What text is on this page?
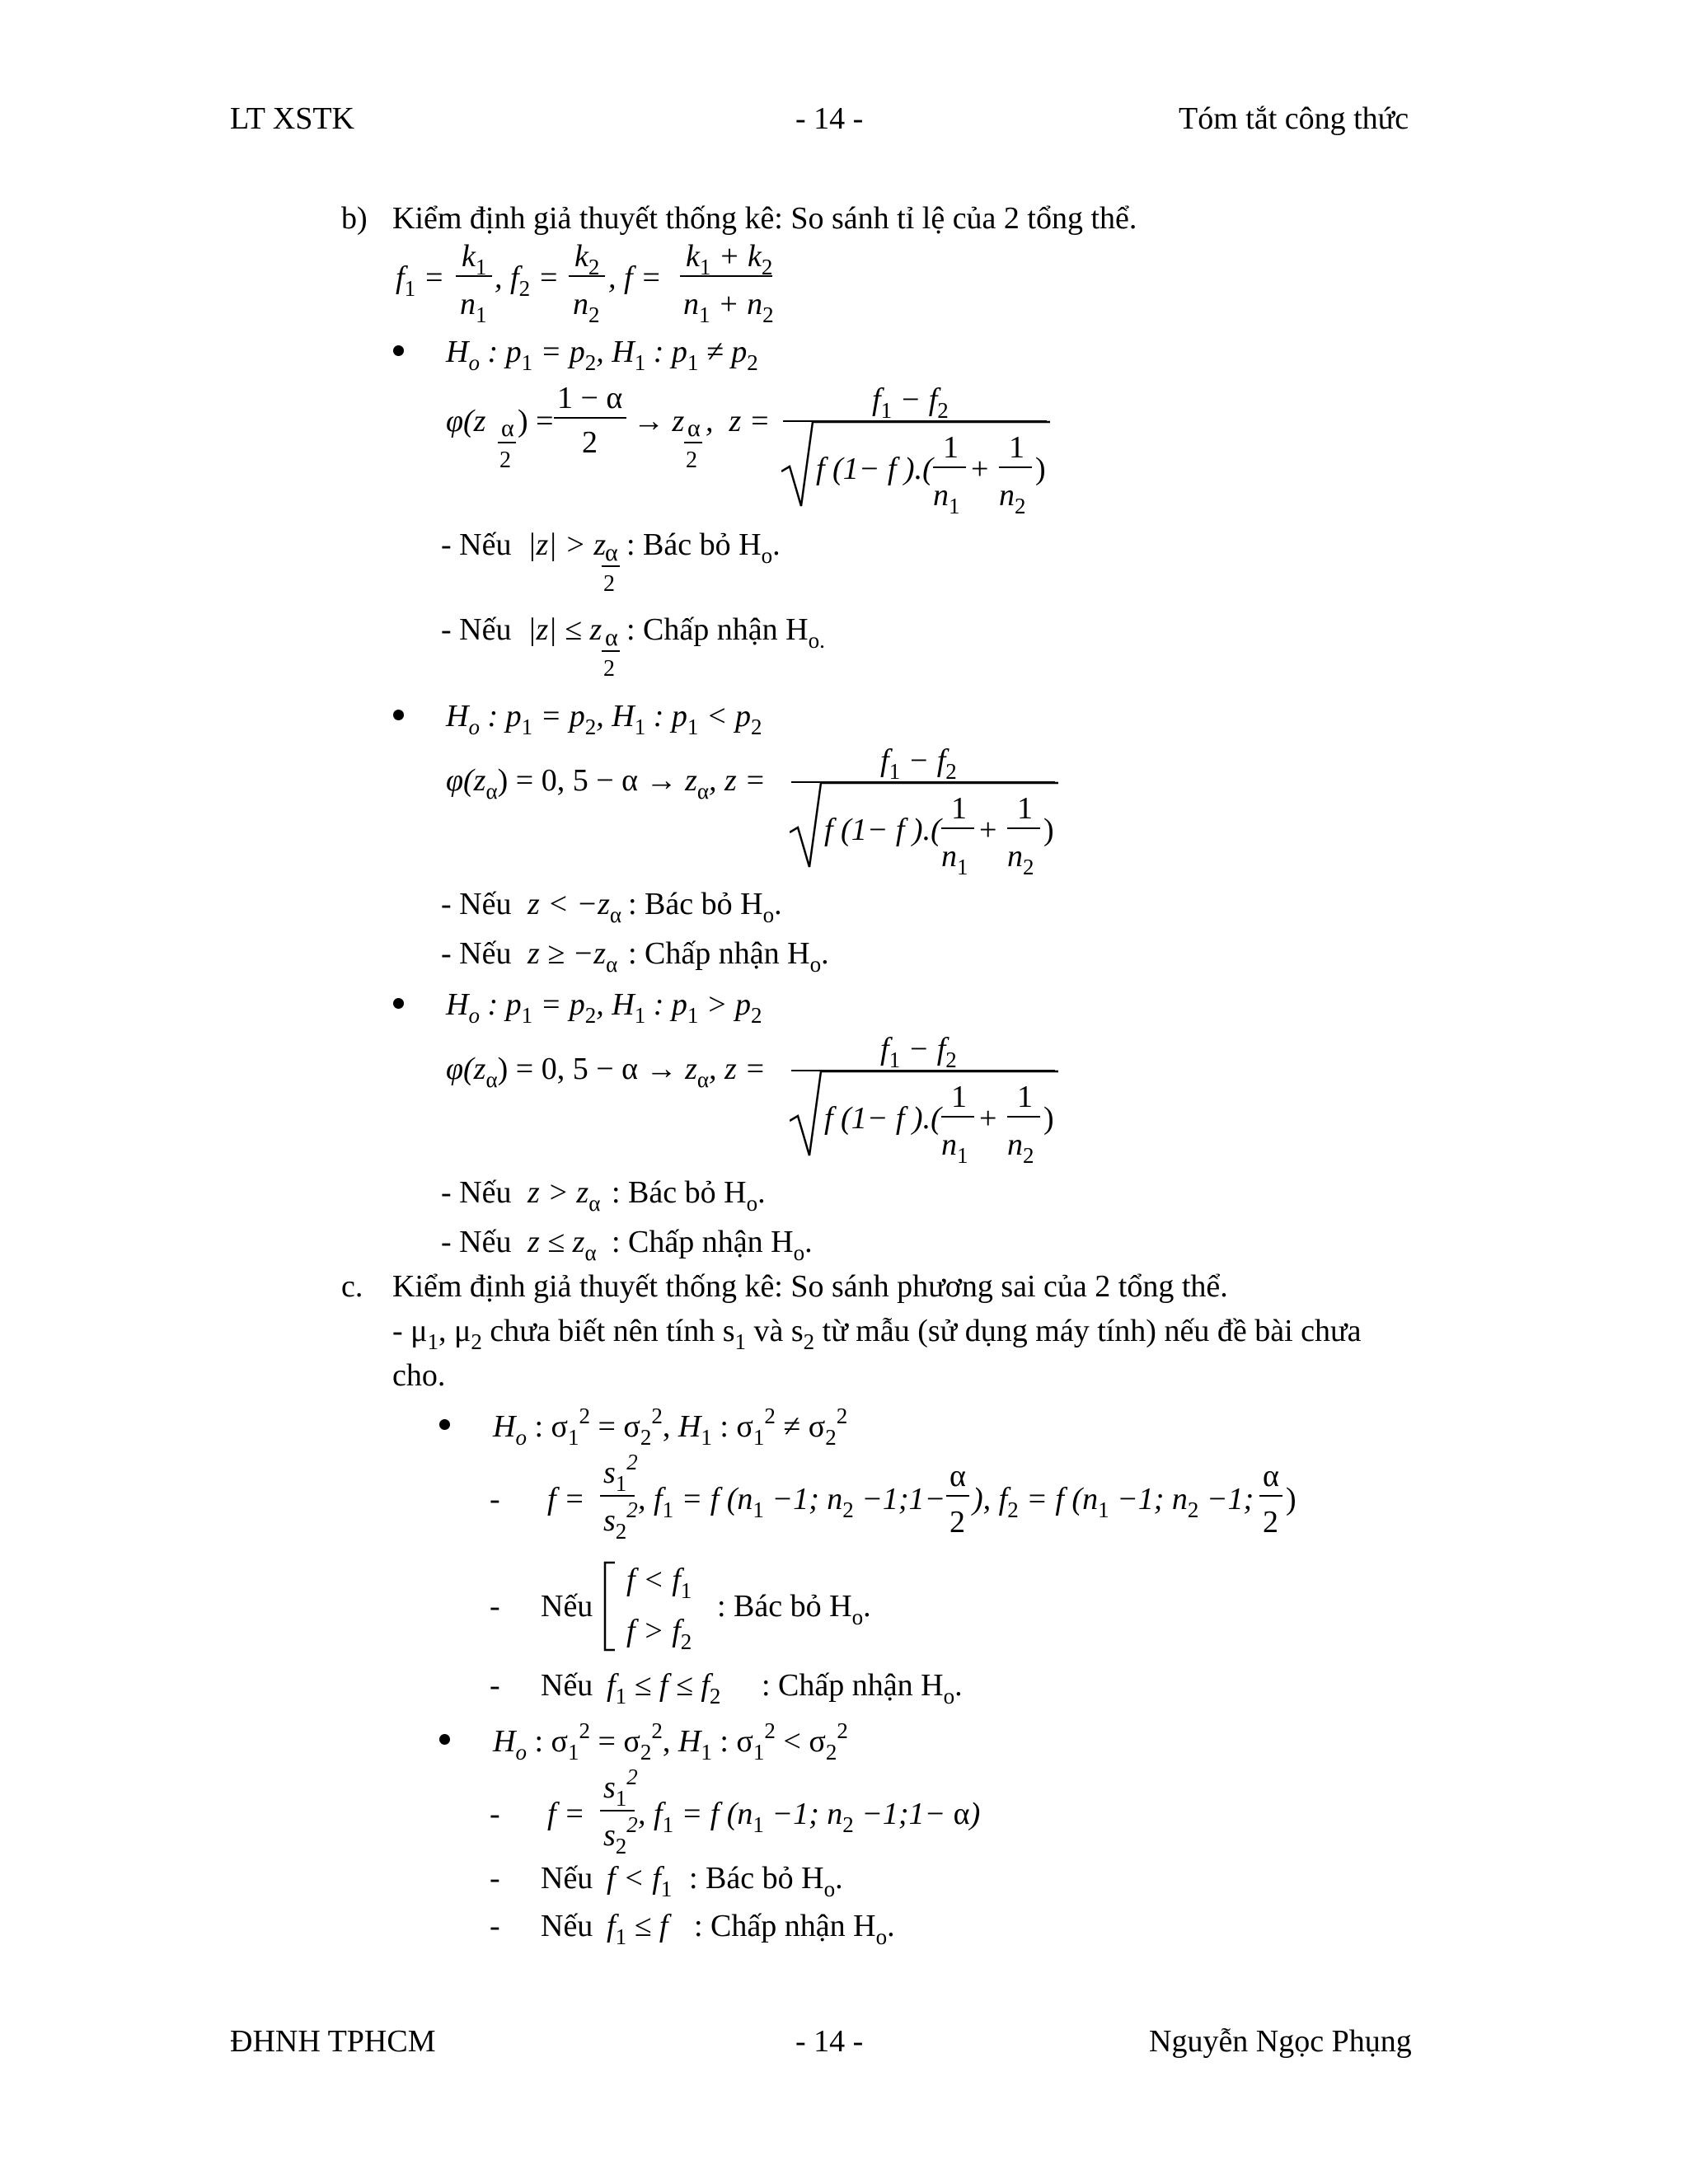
LT XSTK	- 14 -	Tóm tắt công thức
b) Kiểm định giả thuyết thống kê: So sánh tỉ lệ của 2 tổng thể.
$f_1$ =
$k_1$
$n_1$
, $f_2$ =
$k_2$
$n_2$
, f =
$k_1 + k_2$
$n_1 + n_2$
$H_o$ : $p_1 = p_2$, $H_1$ : $p_1 \ne p_2$
φ(z α
2
) =
1 − α
2
→ z α
2
,  z =
$f_1 - f_2$
f (1− f ).(
1
$n_1$
+
1
$n_2$
)
- Nếu |z| > z
α
2
: Bác bỏ $H_o$.
- Nếu |z| ≤ z α
2
: Chấp nhận $H_{o.}$
$H_o$ : $p_1 = p_2$, $H_1$ : $p_1 < p_2$
$\varphi(z_\alpha) = 0$, $5 - \alpha \to z_\alpha$, z =
$f_1 - f_2$
f (1− f ).(
1
$n_1$
+
1
$n_2$
)
- Nếu $z < -z_\alpha$ : Bác bỏ $H_o$.
- Nếu $z \ge -z_\alpha$ : Chấp nhận $H_o$.
$H_o$ : $p_1 = p_2$, $H_1$ : $p_1 > p_2$
$\varphi(z_\alpha) = 0$, $5 - \alpha \to z_\alpha$, z =
$f_1 - f_2$
f (1− f ).(
1
$n_1$
+
1
$n_2$
)
- Nếu $z > z_\alpha$ : Bác bỏ $H_o$.
- Nếu $z \le z_\alpha$ : Chấp nhận $H_o$.
c. Kiểm định giả thuyết thống kê: So sánh phương sai của 2 tổng thể.
- $\mu_1$, $\mu_2$ chưa biết nên tính $s_1$ và $s_2$ từ mẫu (sử dụng máy tính) nếu đề bài chưa
cho.
$H_o$ : $\sigma_1^2 = \sigma_2^2$, $H_1$ : $\sigma_1^2 \ne \sigma_2^2$
- f =
$s_1^2$
$s_2^2$ , $f_1 = f$ ($n_1 -1$; $n_2$ −1;1−
α
2
), $f_2 = f$ ($n_1 -1$; $n_2 -1$;
α
2
)
- Nếu
$f < f_1$
$f > f_2$
: Bác bỏ $H_o$.
- Nếu $f_1 \le f \le f_2$ : Chấp nhận $H_o$.
$H_o$ : $\sigma_1^2 = \sigma_2^2$, $H_1$ : $\sigma_1^2 < \sigma_2^2$
- f =
$s_1^2$
$s_2^2$ , $f_1 = f$ ($n_1 -1$; $n_2$ −1;1− α)
- Nếu $f < f_1$ : Bác bỏ $H_o$.
- Nếu $f_1 \le f$ : Chấp nhận $H_o$.
ĐHNH TPHCM	- 14 -	Nguyễn Ngọc Phụng
